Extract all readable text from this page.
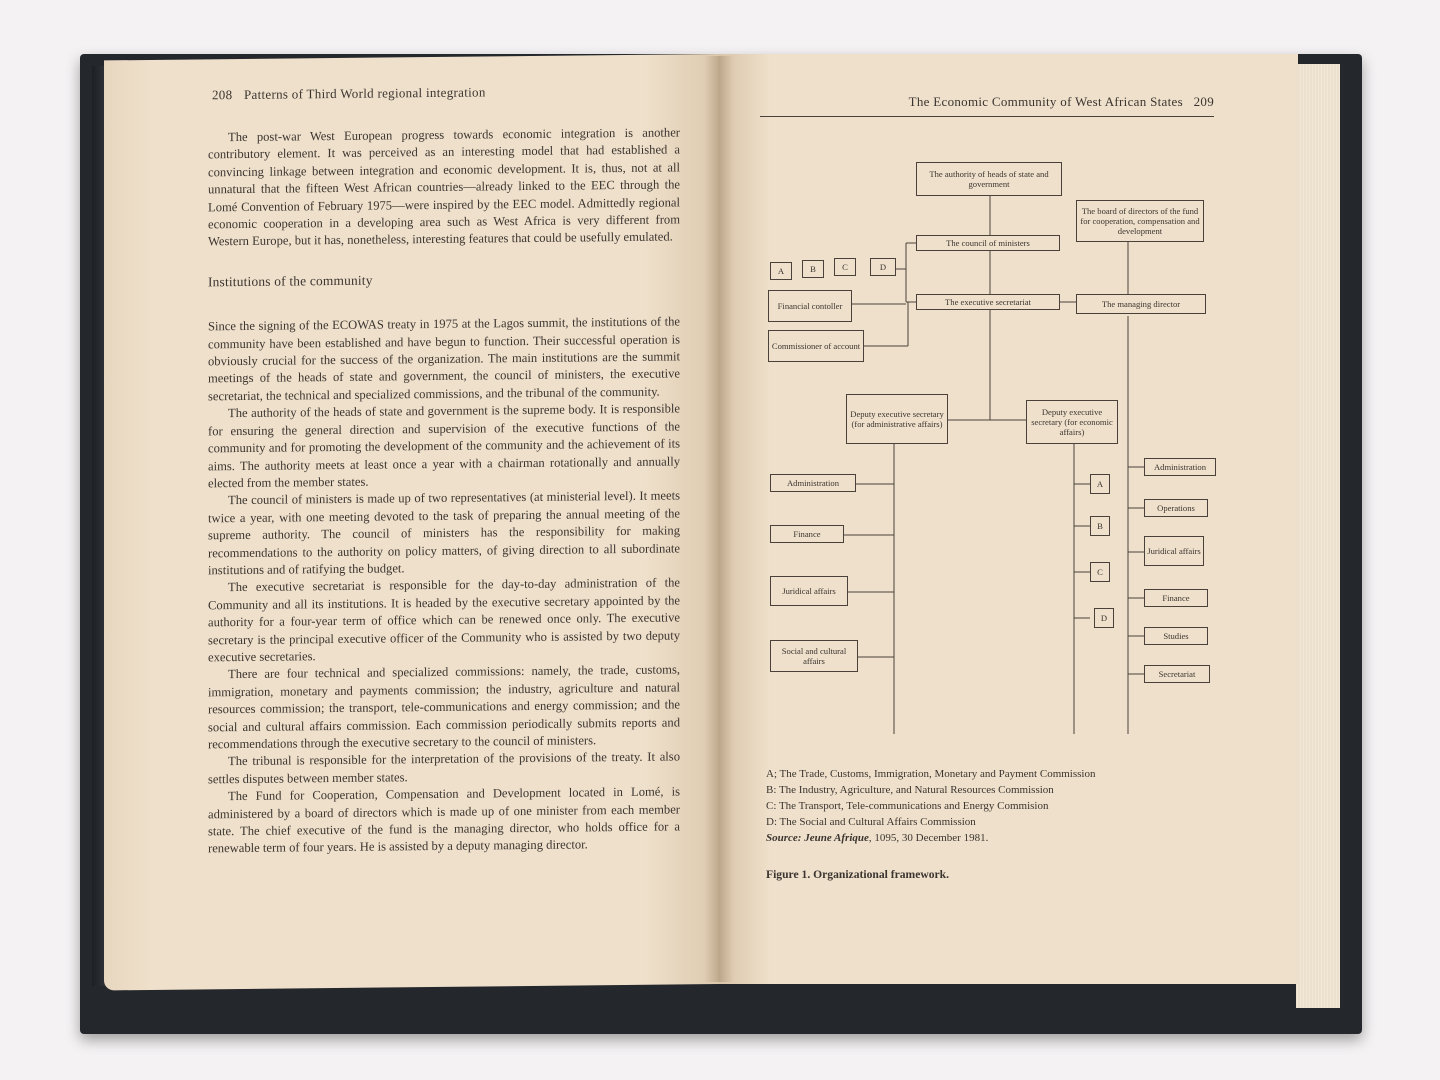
208 Patterns of Third World regional integration

The post-war West European progress towards economic integration is another contributory element. It was perceived as an interesting model that had established a convincing linkage between integration and economic development. It is, thus, not at all unnatural that the fifteen West African countries—already linked to the EEC through the Lomé Convention of February 1975—were inspired by the EEC model. Admittedly regional economic cooperation in a developing area such as West Africa is very different from Western Europe, but it has, nonetheless, interesting features that could be usefully emulated.

Institutions of the community

Since the signing of the ECOWAS treaty in 1975 at the Lagos summit, the institutions of the community have been established and have begun to function. Their successful operation is obviously crucial for the success of the organization. The main institutions are the summit meetings of the heads of state and government, the council of ministers, the executive secretariat, the technical and specialized commissions, and the tribunal of the community.

The authority of the heads of state and government is the supreme body. It is responsible for ensuring the general direction and supervision of the executive functions of the community and for promoting the development of the community and the achievement of its aims. The authority meets at least once a year with a chairman rotationally and annually elected from the member states.

The council of ministers is made up of two representatives (at ministerial level). It meets twice a year, with one meeting devoted to the task of preparing the annual meeting of the supreme authority. The council of ministers has the responsibility for making recommendations to the authority on policy matters, of giving direction to all subordinate institutions and of ratifying the budget.

The executive secretariat is responsible for the day-to-day administration of the Community and all its institutions. It is headed by the executive secretary appointed by the authority for a four-year term of office which can be renewed once only. The executive secretary is the principal executive officer of the Community who is assisted by two deputy executive secretaries.

There are four technical and specialized commissions: namely, the trade, customs, immigration, monetary and payments commission; the industry, agriculture and natural resources commission; the transport, tele-communications and energy commission; and the social and cultural affairs commission. Each commission periodically submits reports and recommendations through the executive secretary to the council of ministers.

The tribunal is responsible for the interpretation of the provisions of the treaty. It also settles disputes between member states.

The Fund for Cooperation, Compensation and Development located in Lomé, is administered by a board of directors which is made up of one minister from each member state. The chief executive of the fund is the managing director, who holds office for a renewable term of four years. He is assisted by a deputy managing director.

The Economic Community of West African States 209
The authority of heads of state and government
The board of directors of the fund for cooperation, compensation and development
The council of ministers
A	B	C	D
Financial contoller	The executive secretariat	The managing director
Commissioner of account
Deputy executive secretary (for administrative affairs)
Deputy executive secretary (for economic affairs)
Administration
Finance
Juridical affairs
Social and cultural affairs
A
B
C
D
Administration
Operations
Juridical affairs
Finance
Studies
Secretariat
A; The Trade, Customs, Immigration, Monetary and Payment Commission
B: The Industry, Agriculture, and Natural Resources Commission
C: The Transport, Tele-communications and Energy Commision
D: The Social and Cultural Affairs Commission
Source: Jeune Afrique, 1095, 30 December 1981.
Figure 1. Organizational framework.
